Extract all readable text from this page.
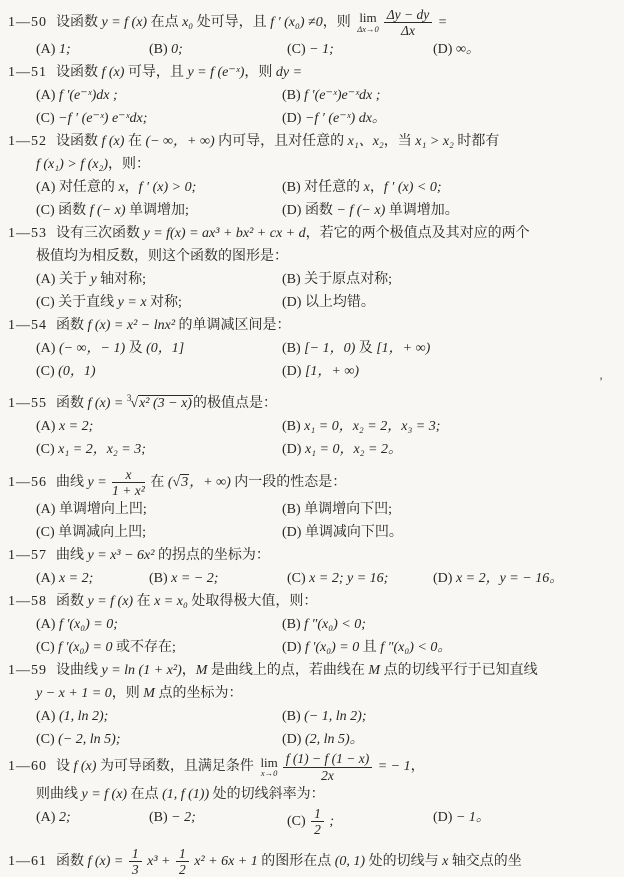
1—50 设函数 y = f (x) 在点 x₀ 处可导，且 f ′ (x₀) ≠0，则 lim
$\Delta x\to 0 \frac{\Delta y - dy}{\Delta x}$ =
(A) 1;	(B) 0;	(C) − 1;	(D) ∞。
1—51 设函数 f (x) 可导，且 y = f (e⁻ˣ)，则 dy =
(A) f ′(e⁻ˣ)dx ;	(B) f ′(e⁻ˣ)e⁻ˣdx ;
(C) −f ′ (e⁻ˣ) e⁻ˣdx;	(D) −f ′ (e⁻ˣ) dx。
1—52 设函数 f (x) 在 (− ∞，+ ∞) 内可导，且对任意的 x₁、x₂，当 x₁ > x₂ 时都有
f (x₁) > f (x₂)，则：
(A) 对任意的 x，f ′ (x) > 0;	(B) 对任意的 x，f ′ (x) < 0;
(C) 函数 f (− x) 单调增加;	(D) 函数 − f (− x) 单调增加。
1—53 设有三次函数 y = f(x) = ax³ + bx² + cx + d，若它的两个极值点及其对应的两个
极值均为相反数，则这个函数的图形是：
(A) 关于 y 轴对称;	(B) 关于原点对称;
(C) 关于直线 y = x 对称;	(D) 以上均错。
1—54 函数 f (x) = x² − lnx² 的单调减区间是：
(A) (− ∞，− 1) 及 (0，1]	(B) [− 1，0) 及 [1，+ ∞)
(C) (0，1)	(D) [1，+ ∞)
1—55 函数 f (x) = $^3$√x² (3 − x)的极值点是：
(A) x = 2;	(B) x₁ = 0，x₂ = 2，x₃ = 3;
(C) x₁ = 2，x₂ = 3;	(D) x₁ = 0，x₂ = 2。
1—56 曲线 $y = \frac{x}{\text{1 + x²}}$ 在 (√3，+ ∞) 内一段的性态是：
(A) 单调增向上凹;	(B) 单调增向下凹;
(C) 单调减向上凹;	(D) 单调减向下凹。
1—57 曲线 y = x³ − 6x² 的拐点的坐标为：
(A) x = 2;	(B) x = − 2;	(C) x = 2; y = 16;	(D) x = 2，y = − 16。
1—58 函数 y = f (x) 在 x = x₀ 处取得极大值，则：
(A) f ′(x₀) = 0;	(B) f ″(x₀) < 0;
(C) f ′(x₀) = 0 或不存在;	(D) f ′(x₀) = 0 且 f ″(x₀) < 0。
1—59 设曲线 y = ln (1 + x²)，M 是曲线上的点，若曲线在 M 点的切线平行于已知直线
y − x + 1 = 0，则 M 点的坐标为：
(A) (1, ln 2);	(B) (− 1, ln 2);
(C) (− 2, ln 5);	(D) (2, ln 5)。
1—60 设 f (x) 为可导函数，且满足条件 lim
$x\to 0 \frac{f (1) - f (1 - x)}{2x}$ = − 1，
则曲线 y = f (x) 在点 (1, f (1)) 处的切线斜率为：
(A) 2;	(B) − 2;	$(C) \frac{1}{2}$ ;	(D) − 1。
1—61 函数 f $(x) = \frac{1}{3} x^3 + \frac{1}{2} x^2 + 6x + 1$ 的图形在点 (0, 1) 处的切线与 x 轴交点的坐
’
